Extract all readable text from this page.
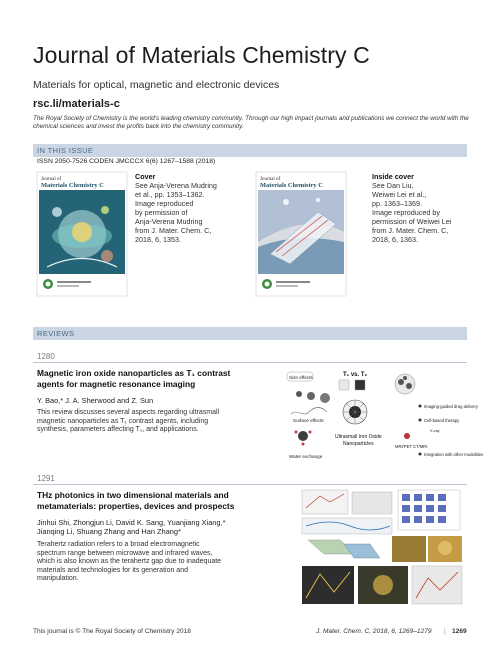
Journal of Materials Chemistry C
Materials for optical, magnetic and electronic devices
rsc.li/materials-c
The Royal Society of Chemistry is the world's leading chemistry community. Through our high impact journals and publications we connect the world with the chemical sciences and invest the profits back into the chemistry community.
IN THIS ISSUE
ISSN 2050-7526 CODEN JMCCCX 6(6) 1267–1588 (2018)
Journal of
Materials Chemistry C
Cover
See Anja-Verena Mudring
et al., pp. 1353–1362.
Image reproduced
by permission of
Anja-Verena Mudring
from J. Mater. Chem. C,
2018, 6, 1353.
Journal of
Materials Chemistry C
Inside cover
See Dan Liu,
Weiwei Lei et al.,
pp. 1363–1369.
Image reproduced by
permission of Weiwei Lei
from J. Mater. Chem. C,
2018, 6, 1363.
REVIEWS
1280
Magnetic iron oxide nanoparticles as T₁ contrast
agents for magnetic resonance imaging
Y. Bao,* J. A. Sherwood and Z. Sun
This review discusses several aspects regarding ultrasmall
magnetic nanoparticles as T₁ contrast agents, including
synthesis, parameters affecting T₁, and applications.
Size effects
Surface effects
Water exchange
T₁ vs. T₂
Ultrasmall Iron Oxide
Nanoparticles
Imaging-guided drug delivery
Cell-based therapy
X-ray
MRI/PET CT/MRI
Integration with other modalities
1291
THz photonics in two dimensional materials and
metamaterials: properties, devices and prospects
Jinhui Shi, Zhongjun Li, David K. Sang, Yuanjiang Xiang,*
Jianqing Li, Shuang Zhang and Han Zhang*
Terahertz radiation refers to a broad electromagnetic
spectrum range between microwave and infrared waves,
which is also known as the terahertz gap due to inadequate
materials and technologies for its generation and
manipulation.
This journal is © The Royal Society of Chemistry 2018	J. Mater. Chem. C, 2018, 6, 1269–1279 | 1269
